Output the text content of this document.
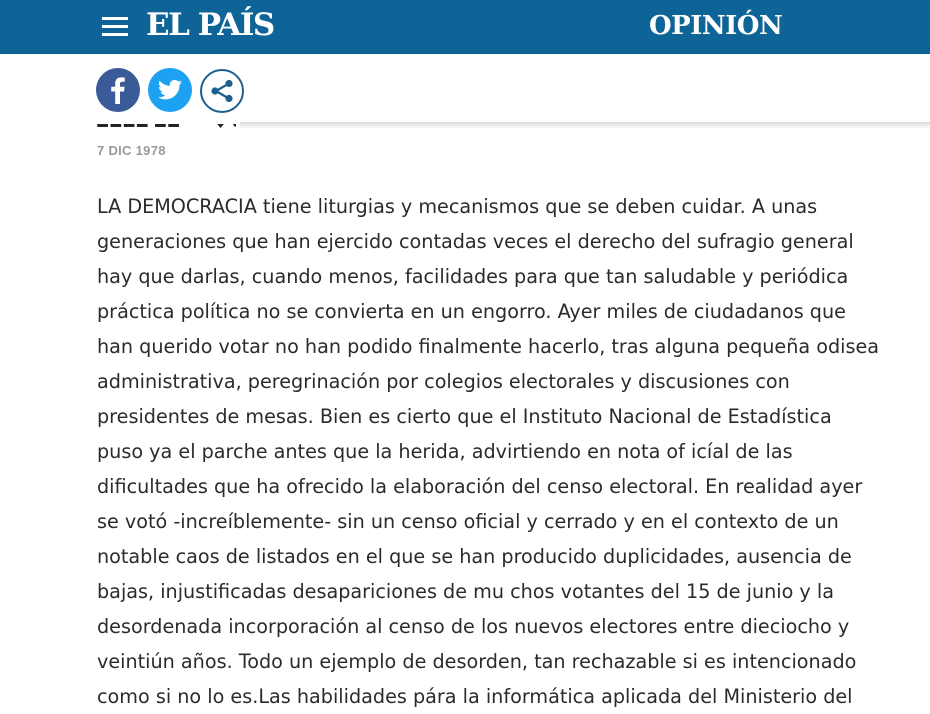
EL PAÍS	OPINIÓN
7 DIC 1978
LA DEMOCRACIA tiene liturgias y mecanismos que se deben cuidar. A unas
generaciones que han ejercido contadas veces el derecho del sufragio general
hay que darlas, cuando menos, facilidades para que tan saludable y periódica
práctica política no se convierta en un engorro. Ayer miles de ciudadanos que
han querido votar no han podido finalmente hacerlo, tras alguna pequeña odisea
administrativa, peregrinación por colegios electorales y discusiones con
presidentes de mesas. Bien es cierto que el Instituto Nacional de Estadística
puso ya el parche antes que la herida, advirtiendo en nota of icíal de las
dificultades que ha ofrecido la elaboración del censo electoral. En realidad ayer
se votó -increíblemente- sin un censo oficial y cerrado y en el contexto de un
notable caos de listados en el que se han producido duplicidades, ausencia de
bajas, injustificadas desapariciones de mu chos votantes del 15 de junio y la
desordenada incorporación al censo de los nuevos electores entre dieciocho y
veintiún años. Todo un ejemplo de desorden, tan rechazable si es intencionado
como si no lo es.Las habilidades pára la informática aplicada del Ministerio del
